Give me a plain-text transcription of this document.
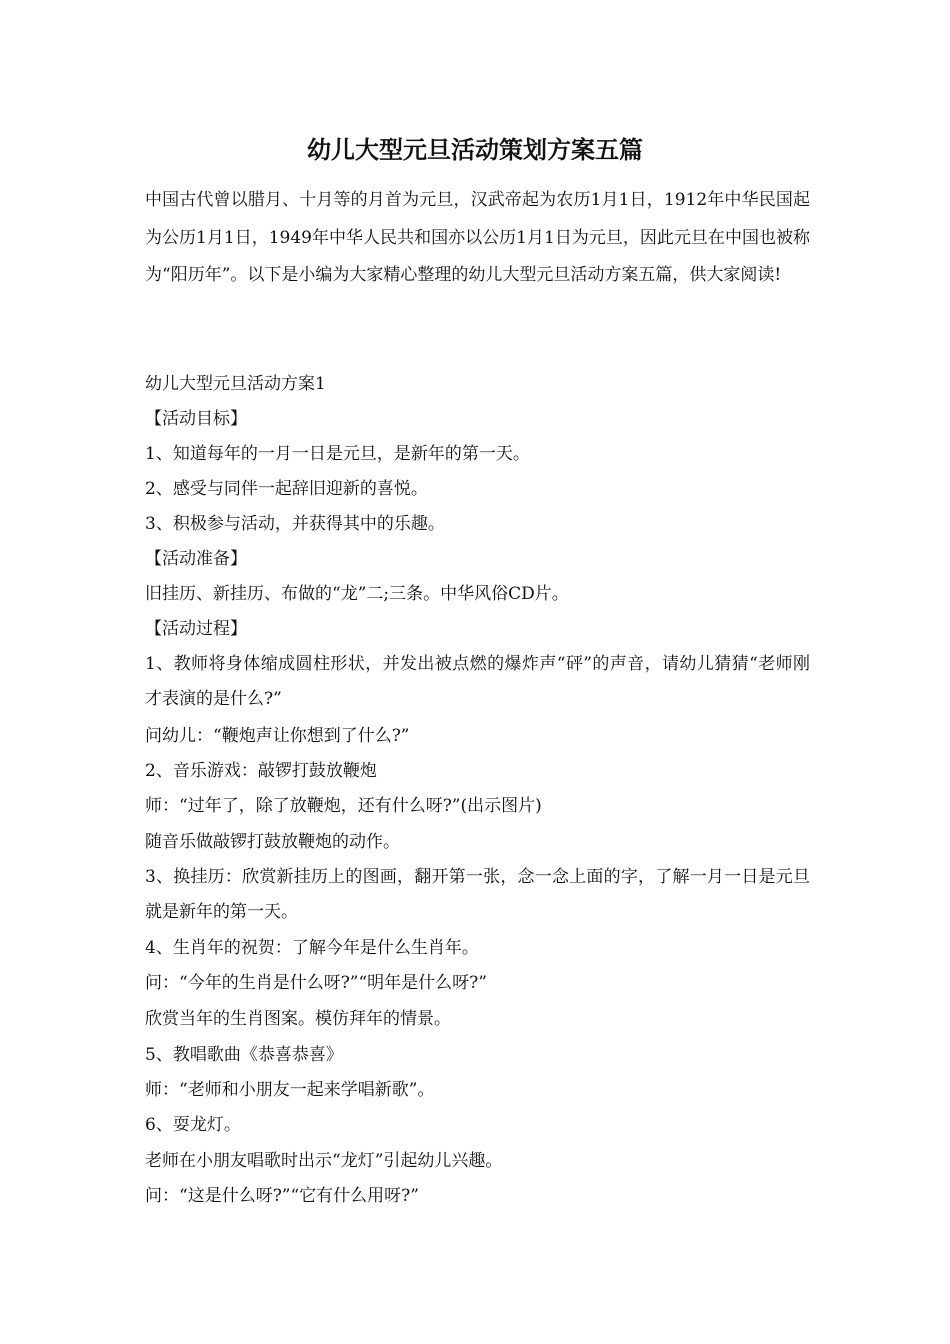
幼儿大型元旦活动策划方案五篇

中国古代曾以腊月、十月等的月首为元旦，汉武帝起为农历1月1日，1912年中华民国起为公历1月1日，1949年中华人民共和国亦以公历1月1日为元旦，因此元旦在中国也被称为“阳历年”。以下是小编为大家精心整理的幼儿大型元旦活动方案五篇，供大家阅读!

幼儿大型元旦活动方案1
【活动目标】
1、知道每年的一月一日是元旦，是新年的第一天。
2、感受与同伴一起辞旧迎新的喜悦。
3、积极参与活动，并获得其中的乐趣。
【活动准备】
旧挂历、新挂历、布做的“龙”二;三条。中华风俗CD片。
【活动过程】
1、教师将身体缩成圆柱形状，并发出被点燃的爆炸声“砰”的声音，请幼儿猜猜“老师刚才表演的是什么?”
问幼儿：“鞭炮声让你想到了什么?”
2、音乐游戏：敲锣打鼓放鞭炮
师：“过年了，除了放鞭炮，还有什么呀?”(出示图片)
随音乐做敲锣打鼓放鞭炮的动作。
3、换挂历：欣赏新挂历上的图画，翻开第一张，念一念上面的字，了解一月一日是元旦就是新年的第一天。
4、生肖年的祝贺：了解今年是什么生肖年。
问：“今年的生肖是什么呀?”“明年是什么呀?”
欣赏当年的生肖图案。模仿拜年的情景。
5、教唱歌曲《恭喜恭喜》
师：“老师和小朋友一起来学唱新歌”。
6、耍龙灯。
老师在小朋友唱歌时出示“龙灯”引起幼儿兴趣。
问：“这是什么呀?”“它有什么用呀?”
